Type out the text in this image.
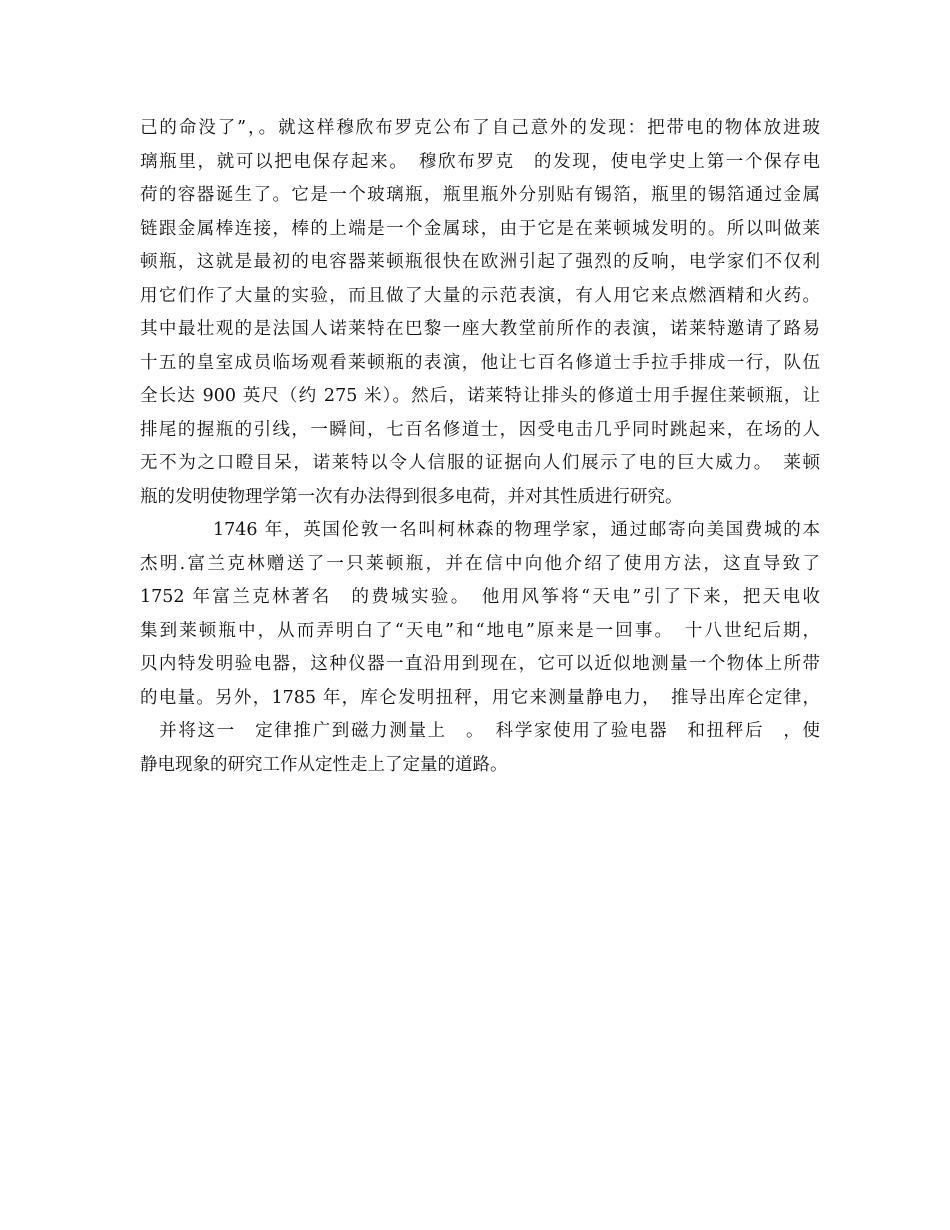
己的命没了”，。就这样穆欣布罗克公布了自己意外的发现：把带电的物体放进玻
璃瓶里，就可以把电保存起来。　穆欣布罗克　的发现，使电学史上第一个保存电
荷的容器诞生了。它是一个玻璃瓶，瓶里瓶外分别贴有锡箔，瓶里的锡箔通过金属
链跟金属棒连接，棒的上端是一个金属球，由于它是在莱顿城发明的。所以叫做莱
顿瓶，这就是最初的电容器莱顿瓶很快在欧洲引起了强烈的反响，电学家们不仅利
用它们作了大量的实验，而且做了大量的示范表演，有人用它来点燃酒精和火药。
其中最壮观的是法国人诺莱特在巴黎一座大教堂前所作的表演，诺莱特邀请了路易
十五的皇室成员临场观看莱顿瓶的表演，他让七百名修道士手拉手排成一行，队伍
全长达 900 英尺（约 275 米）。然后，诺莱特让排头的修道士用手握住莱顿瓶，让
排尾的握瓶的引线，一瞬间，七百名修道士，因受电击几乎同时跳起来，在场的人
无不为之口瞪目呆，诺莱特以令人信服的证据向人们展示了电的巨大威力。　莱顿
瓶的发明使物理学第一次有办法得到很多电荷，并对其性质进行研究。
1746 年，英国伦敦一名叫柯林森的物理学家，通过邮寄向美国费城的本
杰明.富兰克林赠送了一只莱顿瓶，并在信中向他介绍了使用方法，这直导致了
1752 年富兰克林著名　的费城实验。　他用风筝将“天电”引了下来，把天电收
集到莱顿瓶中，从而弄明白了“天电”和“地电”原来是一回事。　十八世纪后期，
贝内特发明验电器，这种仪器一直沿用到现在，它可以近似地测量一个物体上所带
的电量。另外，1785 年，库仑发明扭秤，用它来测量静电力，　推导出库仑定律，
　并将这一　定律推广到磁力测量上　。　科学家使用了验电器　和扭秤后　，使
静电现象的研究工作从定性走上了定量的道路。
